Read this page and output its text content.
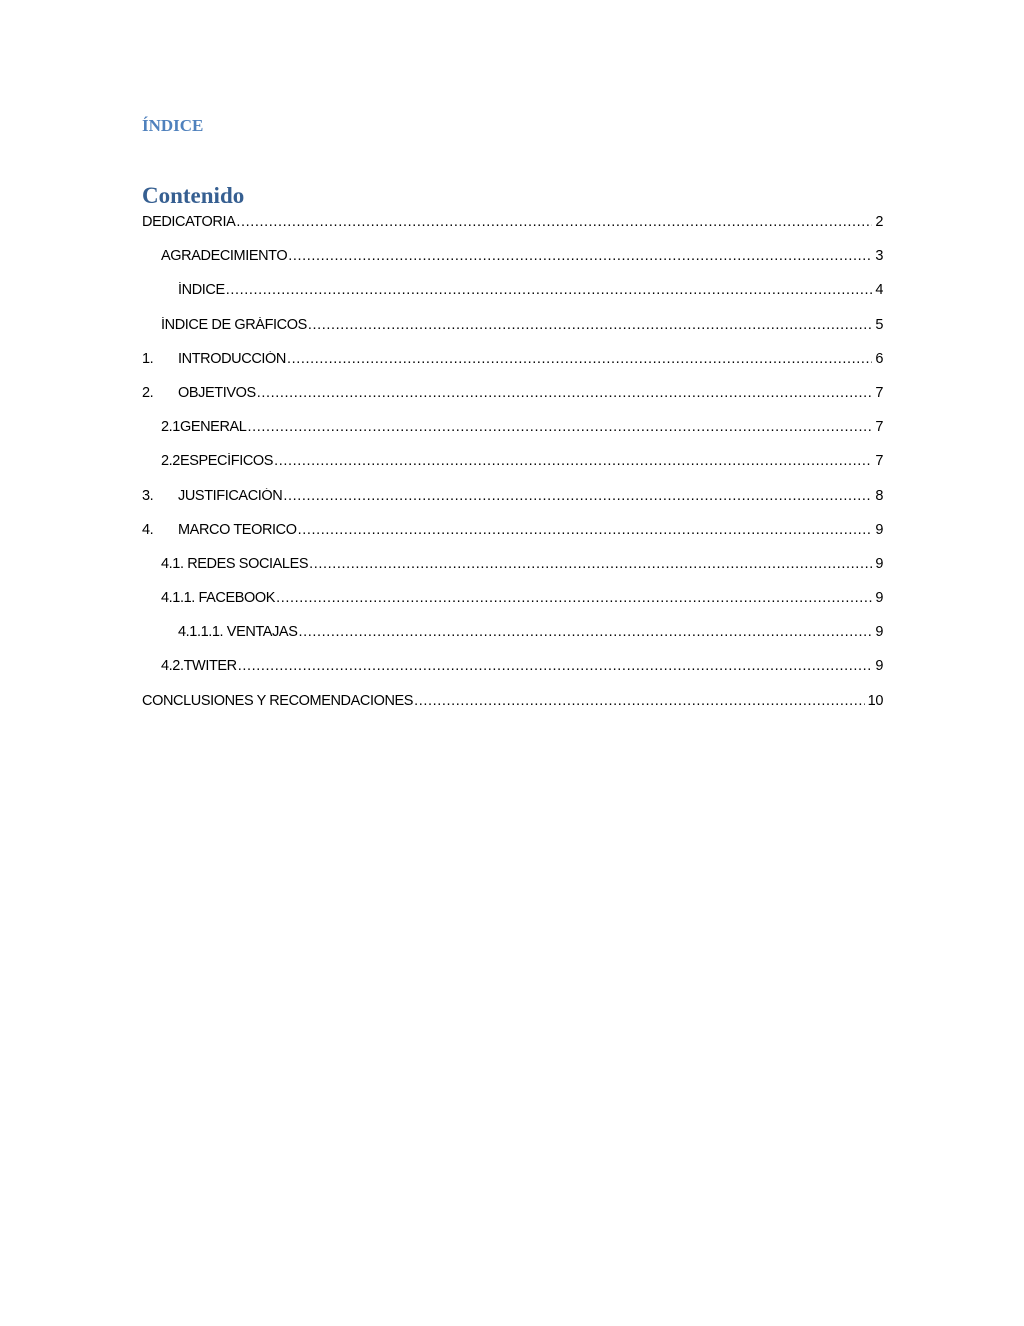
ÍNDICE
Contenido
DEDICATORIA .....	2
AGRADECIMIENTO .....	3
ÍNDICE .....	4
ÍNDICE DE GRÁFICOS .....	5
1.	INTRODUCCIÓN .....	6
2.	OBJETIVOS .....	7
2.1GENERAL .....	7
2.2ESPECÍFICOS .....	7
3.	JUSTIFICACIÓN .....	8
4.	MARCO TEORICO .....	9
4.1. REDES SOCIALES .....	9
4.1.1. FACEBOOK .....	9
4.1.1.1. VENTAJAS .....	9
4.2.TWITER .....	9
CONCLUSIONES Y RECOMENDACIONES .....	10
